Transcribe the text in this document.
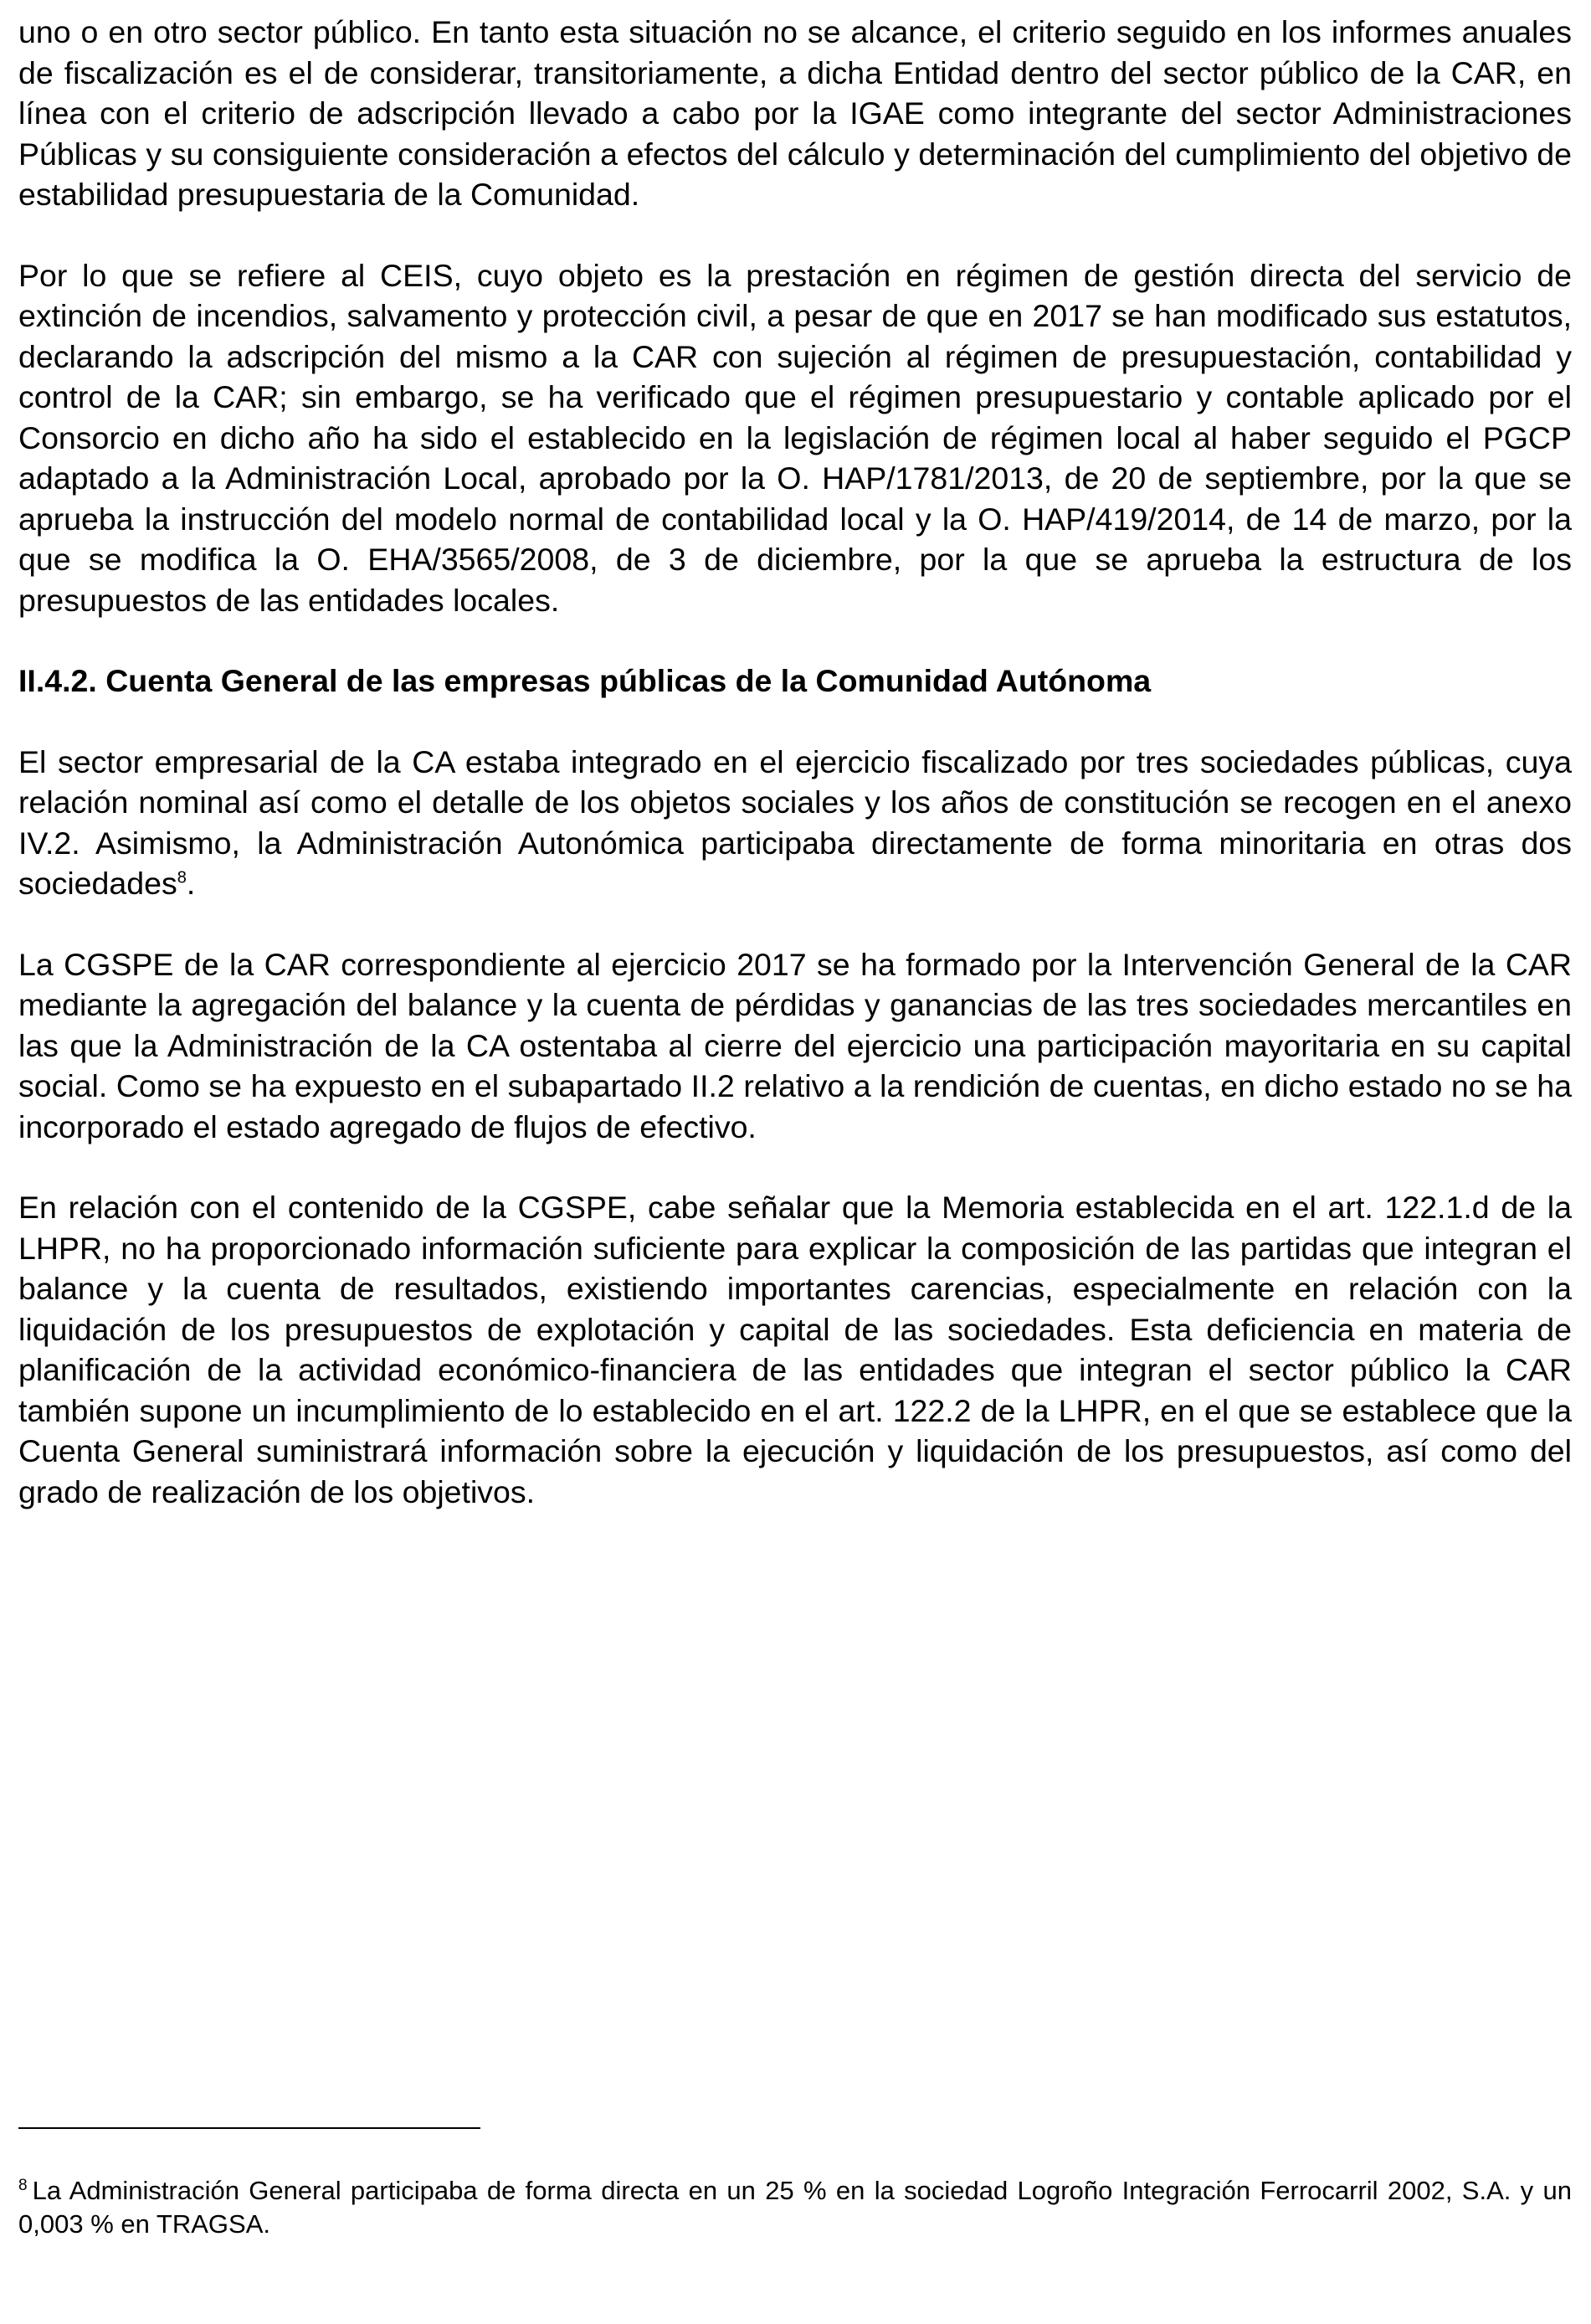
uno o en otro sector público. En tanto esta situación no se alcance, el criterio seguido en los informes anuales de fiscalización es el de considerar, transitoriamente, a dicha Entidad dentro del sector público de la CAR, en línea con el criterio de adscripción llevado a cabo por la IGAE como integrante del sector Administraciones Públicas y su consiguiente consideración a efectos del cálculo y determinación del cumplimiento del objetivo de estabilidad presupuestaria de la Comunidad.

Por lo que se refiere al CEIS, cuyo objeto es la prestación en régimen de gestión directa del servicio de extinción de incendios, salvamento y protección civil, a pesar de que en 2017 se han modificado sus estatutos, declarando la adscripción del mismo a la CAR con sujeción al régimen de presupuestación, contabilidad y control de la CAR; sin embargo, se ha verificado que el régimen presupuestario y contable aplicado por el Consorcio en dicho año ha sido el establecido en la legislación de régimen local al haber seguido el PGCP adaptado a la Administración Local, aprobado por la O. HAP/1781/2013, de 20 de septiembre, por la que se aprueba la instrucción del modelo normal de contabilidad local y la O. HAP/419/2014, de 14 de marzo, por la que se modifica la O. EHA/3565/2008, de 3 de diciembre, por la que se aprueba la estructura de los presupuestos de las entidades locales.

II.4.2. Cuenta General de las empresas públicas de la Comunidad Autónoma

El sector empresarial de la CA estaba integrado en el ejercicio fiscalizado por tres sociedades públicas, cuya relación nominal así como el detalle de los objetos sociales y los años de constitución se recogen en el anexo IV.2. Asimismo, la Administración Autonómica participaba directamente de forma minoritaria en otras dos sociedades$^8$.

La CGSPE de la CAR correspondiente al ejercicio 2017 se ha formado por la Intervención General de la CAR mediante la agregación del balance y la cuenta de pérdidas y ganancias de las tres sociedades mercantiles en las que la Administración de la CA ostentaba al cierre del ejercicio una participación mayoritaria en su capital social. Como se ha expuesto en el subapartado II.2 relativo a la rendición de cuentas, en dicho estado no se ha incorporado el estado agregado de flujos de efectivo.

En relación con el contenido de la CGSPE, cabe señalar que la Memoria establecida en el art. 122.1.d de la LHPR, no ha proporcionado información suficiente para explicar la composición de las partidas que integran el balance y la cuenta de resultados, existiendo importantes carencias, especialmente en relación con la liquidación de los presupuestos de explotación y capital de las sociedades. Esta deficiencia en materia de planificación de la actividad económico-financiera de las entidades que integran el sector público la CAR también supone un incumplimiento de lo establecido en el art. 122.2 de la LHPR, en el que se establece que la Cuenta General suministrará información sobre la ejecución y liquidación de los presupuestos, así como del grado de realización de los objetivos.

$^8$ La Administración General participaba de forma directa en un 25 % en la sociedad Logroño Integración Ferrocarril 2002, S.A. y un 0,003 % en TRAGSA.
